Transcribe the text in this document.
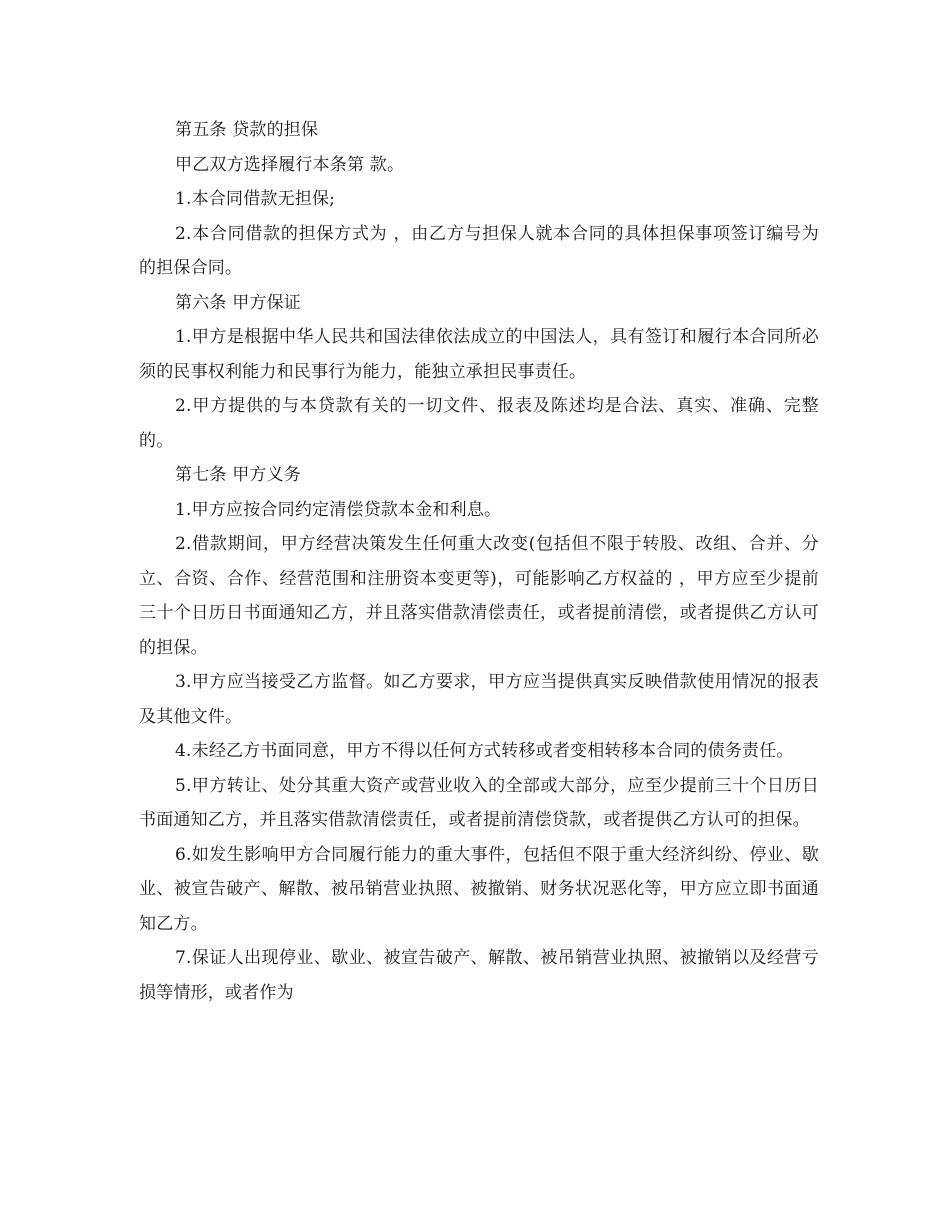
第五条 贷款的担保

甲乙双方选择履行本条第 款。

1.本合同借款无担保;

2.本合同借款的担保方式为 ，由乙方与担保人就本合同的具体担保事项签订编号为 的担保合同。

第六条 甲方保证

1.甲方是根据中华人民共和国法律依法成立的中国法人，具有签订和履行本合同所必须的民事权利能力和民事行为能力，能独立承担民事责任。

2.甲方提供的与本贷款有关的一切文件、报表及陈述均是合法、真实、准确、完整的。

第七条 甲方义务

1.甲方应按合同约定清偿贷款本金和利息。

2.借款期间，甲方经营决策发生任何重大改变(包括但不限于转股、改组、合并、分立、合资、合作、经营范围和注册资本变更等)，可能影响乙方权益的 ，甲方应至少提前三十个日历日书面通知乙方，并且落实借款清偿责任，或者提前清偿，或者提供乙方认可的担保。

3.甲方应当接受乙方监督。如乙方要求，甲方应当提供真实反映借款使用情况的报表及其他文件。

4.未经乙方书面同意，甲方不得以任何方式转移或者变相转移本合同的债务责任。

5.甲方转让、处分其重大资产或营业收入的全部或大部分，应至少提前三十个日历日书面通知乙方，并且落实借款清偿责任，或者提前清偿贷款，或者提供乙方认可的担保。

6.如发生影响甲方合同履行能力的重大事件，包括但不限于重大经济纠纷、停业、歇业、被宣告破产、解散、被吊销营业执照、被撤销、财务状况恶化等，甲方应立即书面通知乙方。

7.保证人出现停业、歇业、被宣告破产、解散、被吊销营业执照、被撤销以及经营亏损等情形，或者作为
